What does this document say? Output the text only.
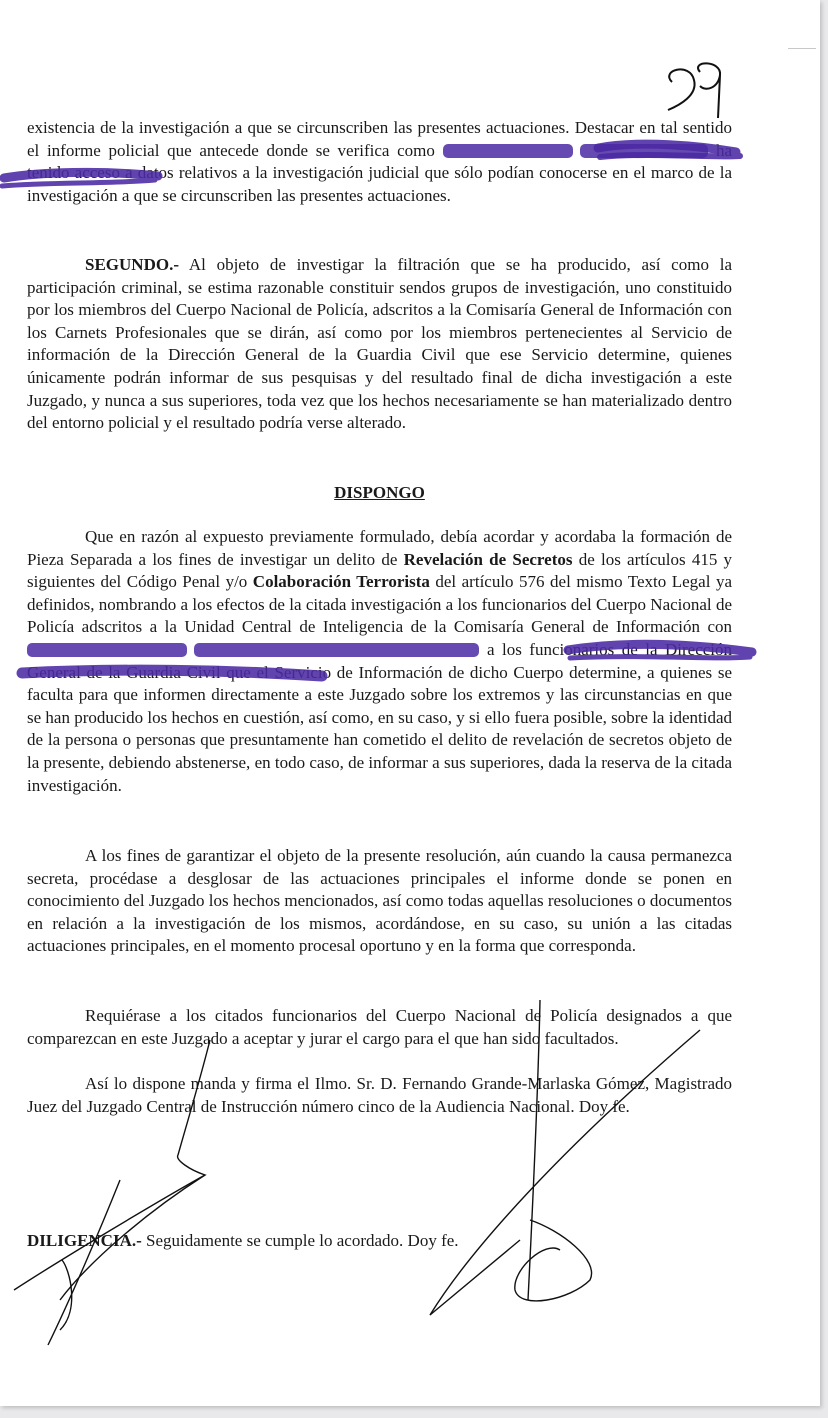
existencia de la investigación a que se circunscriben las presentes actuaciones. Destacar en tal sentido el informe policial que antecede donde se verifica como	ha tenido acceso a datos relativos a la investigación judicial que sólo podían conocerse en el marco de la investigación a que se circunscriben las presentes actuaciones.

SEGUNDO.- Al objeto de investigar la filtración que se ha producido, así como la participación criminal, se estima razonable constituir sendos grupos de investigación, uno constituido por los miembros del Cuerpo Nacional de Policía, adscritos a la Comisaría General de Información con los Carnets Profesionales que se dirán, así como por los miembros pertenecientes al Servicio de información de la Dirección General de la Guardia Civil que ese Servicio determine, quienes únicamente podrán informar de sus pesquisas y del resultado final de dicha investigación a este Juzgado, y nunca a sus superiores, toda vez que los hechos necesariamente se han materializado dentro del entorno policial y el resultado podría verse alterado.

DISPONGO

Que en razón al expuesto previamente formulado, debía acordar y acordaba la formación de Pieza Separada a los fines de investigar un delito de Revelación de Secretos de los artículos 415 y siguientes del Código Penal y/o Colaboración Terrorista del artículo 576 del mismo Texto Legal ya definidos, nombrando a los efectos de la citada investigación a los funcionarios del Cuerpo Nacional de Policía adscritos a la Unidad Central de Inteligencia de la Comisaría General de Información con   a los funcionarios de la Dirección General de la Guardia Civil que el Servicio de Información de dicho Cuerpo determine, a quienes se faculta para que informen directamente a este Juzgado sobre los extremos y las circunstancias en que se han producido los hechos en cuestión, así como, en su caso, y si ello fuera posible, sobre la identidad de la persona o personas que presuntamente han cometido el delito de revelación de secretos objeto de la presente, debiendo abstenerse, en todo caso, de informar a sus superiores, dada la reserva de la citada investigación.

A los fines de garantizar el objeto de la presente resolución, aún cuando la causa permanezca secreta, procédase a desglosar de las actuaciones principales el informe donde se ponen en conocimiento del Juzgado los hechos mencionados, así como todas aquellas resoluciones o documentos en relación a la investigación de los mismos, acordándose, en su caso, su unión a las citadas actuaciones principales, en el momento procesal oportuno y en la forma que corresponda.

Requiérase a los citados funcionarios del Cuerpo Nacional de Policía designados a que comparezcan en este Juzgado a aceptar y jurar el cargo para el que han sido facultados.

Así lo dispone manda y firma el Ilmo. Sr. D. Fernando Grande-Marlaska Gómez, Magistrado Juez del Juzgado Central de Instrucción número cinco de la Audiencia Nacional. Doy fe.

DILIGENCIA.- Seguidamente se cumple lo acordado. Doy fe.
